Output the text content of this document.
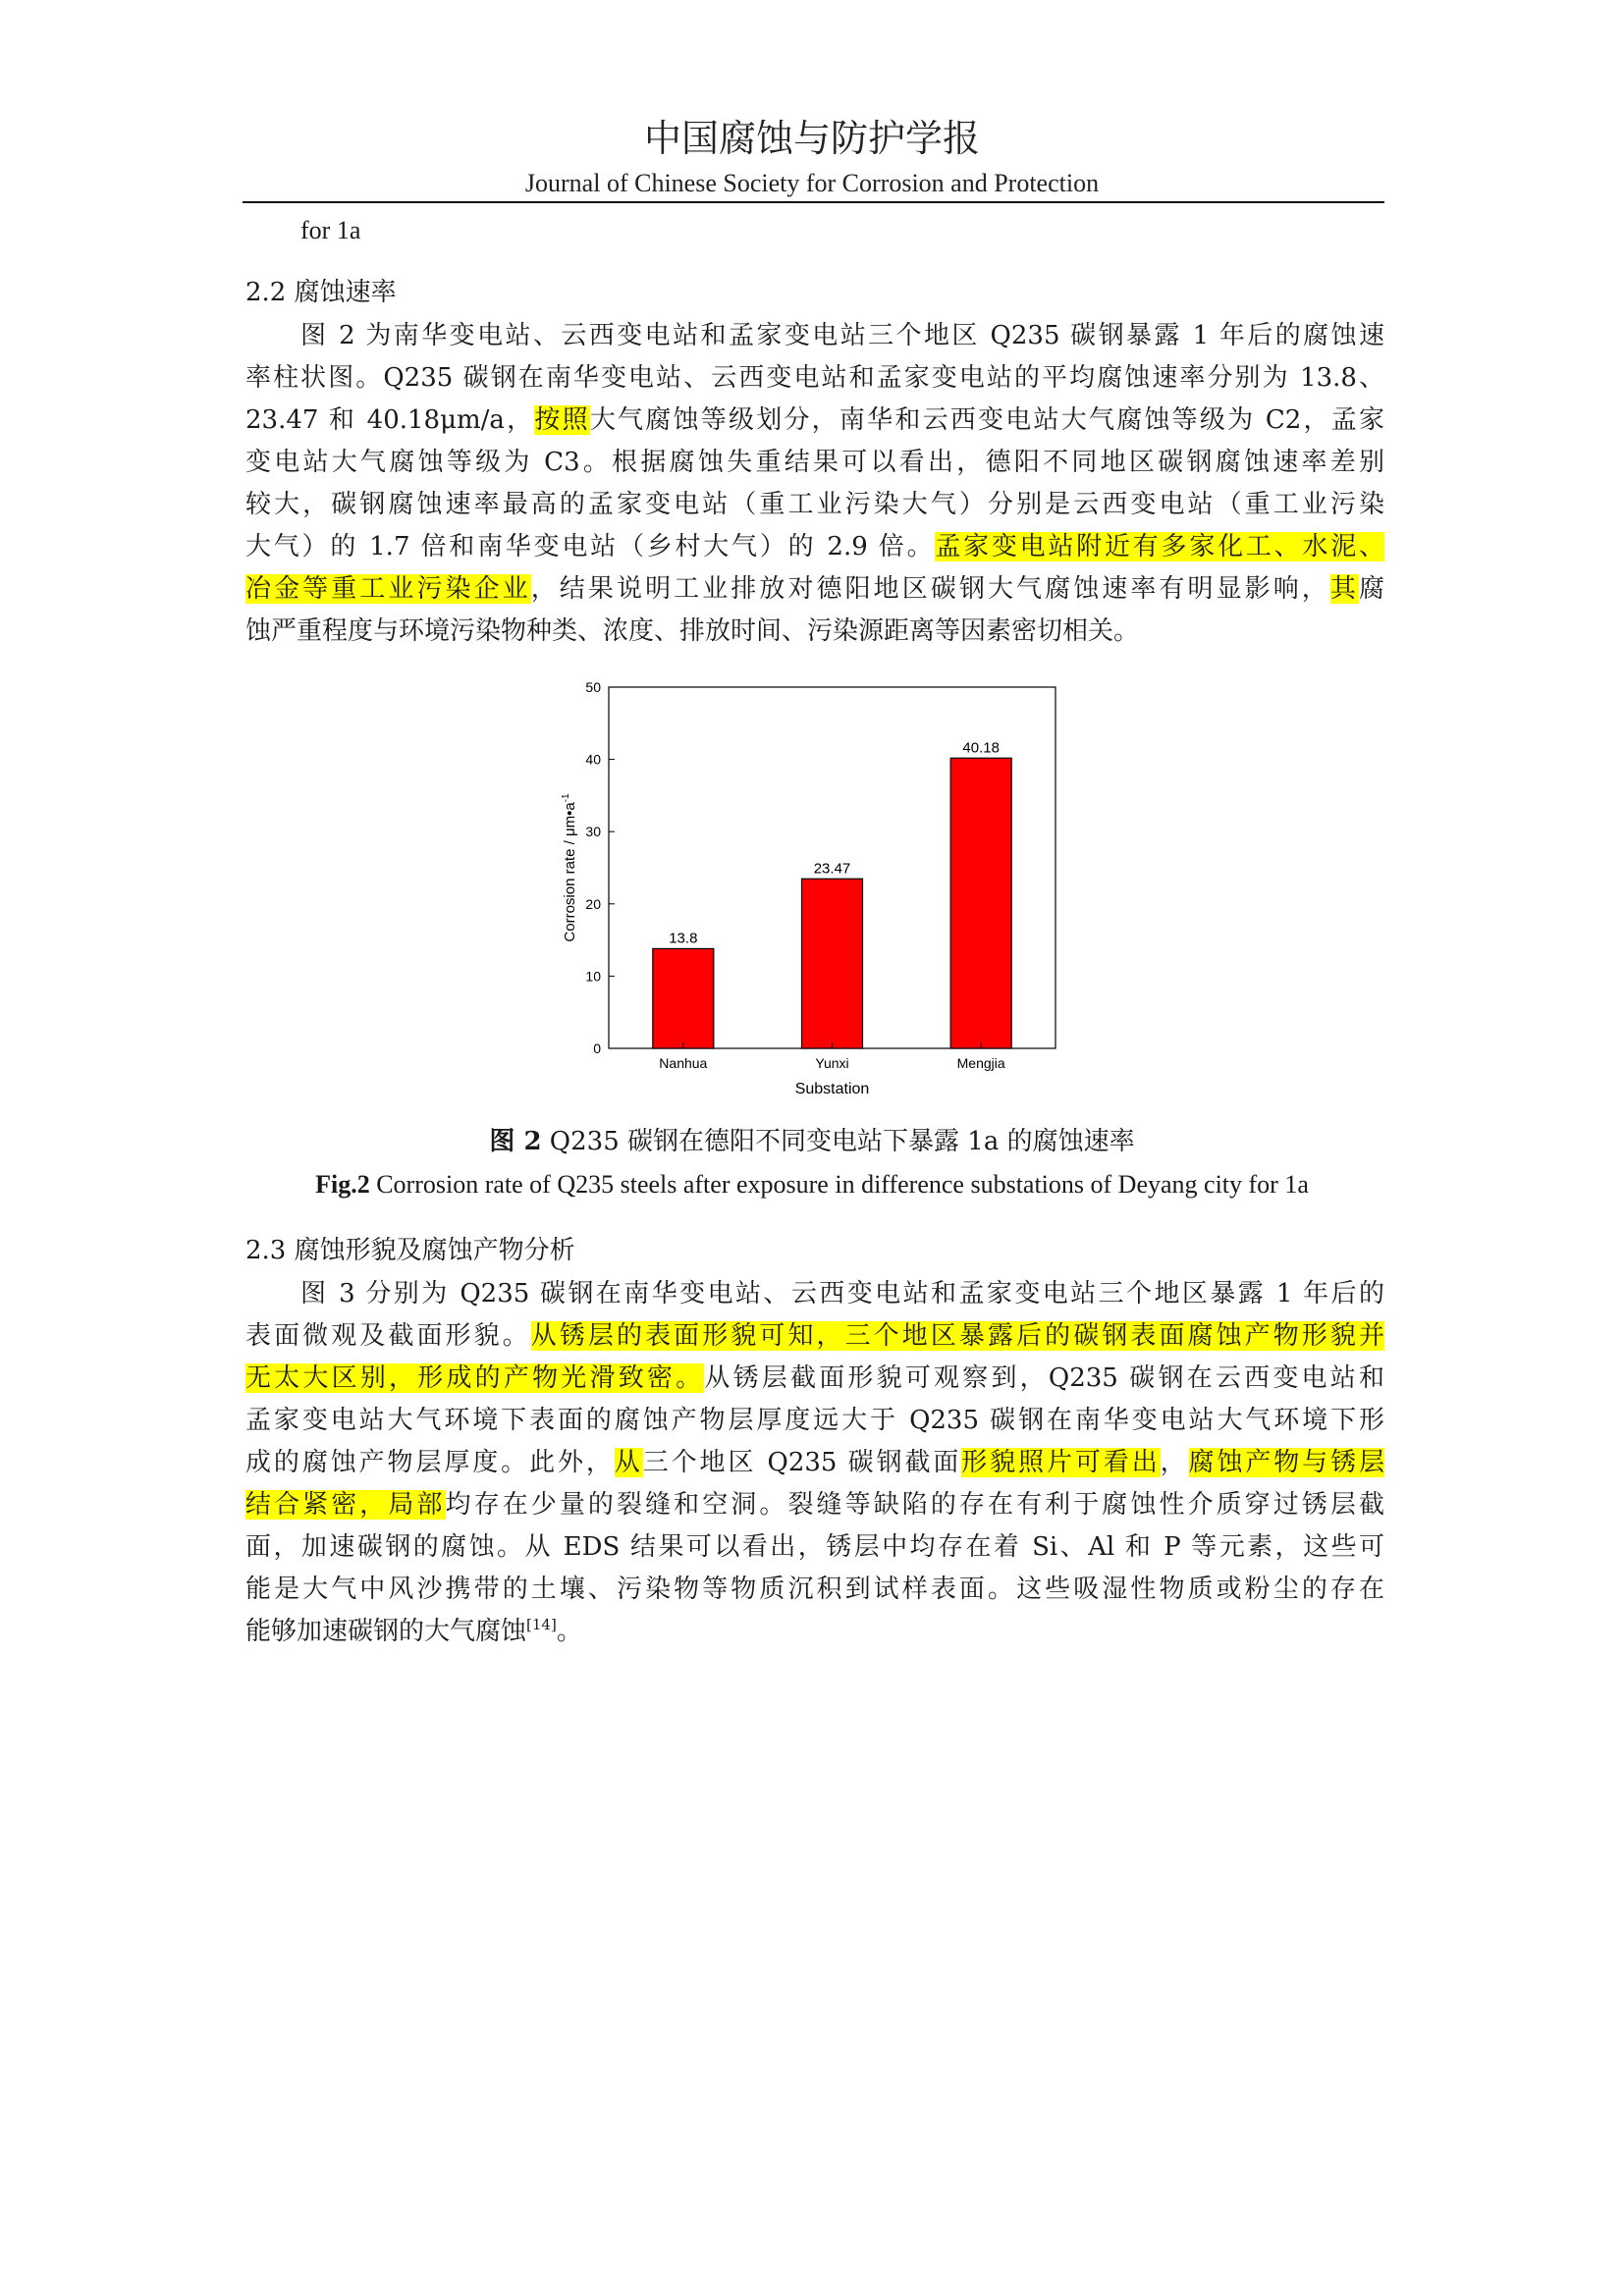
中国腐蚀与防护学报
Journal of Chinese Society for Corrosion and Protection
for 1a
2.2 腐蚀速率
图 2 为南华变电站、云西变电站和孟家变电站三个地区 Q235 碳钢暴露 1 年后的腐蚀速
率柱状图。Q235 碳钢在南华变电站、云西变电站和孟家变电站的平均腐蚀速率分别为 13.8、
23.47 和 40.18μm/a，按照大气腐蚀等级划分，南华和云西变电站大气腐蚀等级为 C2，孟家
变电站大气腐蚀等级为 C3。根据腐蚀失重结果可以看出，德阳不同地区碳钢腐蚀速率差别
较大，碳钢腐蚀速率最高的孟家变电站（重工业污染大气）分别是云西变电站（重工业污染
大气）的 1.7 倍和南华变电站（乡村大气）的 2.9 倍。孟家变电站附近有多家化工、水泥、
冶金等重工业污染企业，结果说明工业排放对德阳地区碳钢大气腐蚀速率有明显影响，其腐
蚀严重程度与环境污染物种类、浓度、排放时间、污染源距离等因素密切相关。
0
10
20
30
40
50
13.8
Nanhua
23.47
Yunxi
40.18
Mengjia
Substation
Corrosion rate / $\mu m•a^{-1}$
图 2 Q235 碳钢在德阳不同变电站下暴露 1a 的腐蚀速率
Fig.2 Corrosion rate of Q235 steels after exposure in difference substations of Deyang city for 1a
2.3 腐蚀形貌及腐蚀产物分析
图 3 分别为 Q235 碳钢在南华变电站、云西变电站和孟家变电站三个地区暴露 1 年后的
表面微观及截面形貌。从锈层的表面形貌可知，三个地区暴露后的碳钢表面腐蚀产物形貌并
无太大区别，形成的产物光滑致密。从锈层截面形貌可观察到，Q235 碳钢在云西变电站和
孟家变电站大气环境下表面的腐蚀产物层厚度远大于 Q235 碳钢在南华变电站大气环境下形
成的腐蚀产物层厚度。此外，从三个地区 Q235 碳钢截面形貌照片可看出，腐蚀产物与锈层
结合紧密，局部均存在少量的裂缝和空洞。裂缝等缺陷的存在有利于腐蚀性介质穿过锈层截
面，加速碳钢的腐蚀。从 EDS 结果可以看出，锈层中均存在着 Si、Al 和 P 等元素，这些可
能是大气中风沙携带的土壤、污染物等物质沉积到试样表面。这些吸湿性物质或粉尘的存在
能够加速碳钢的大气腐蚀[14]。
